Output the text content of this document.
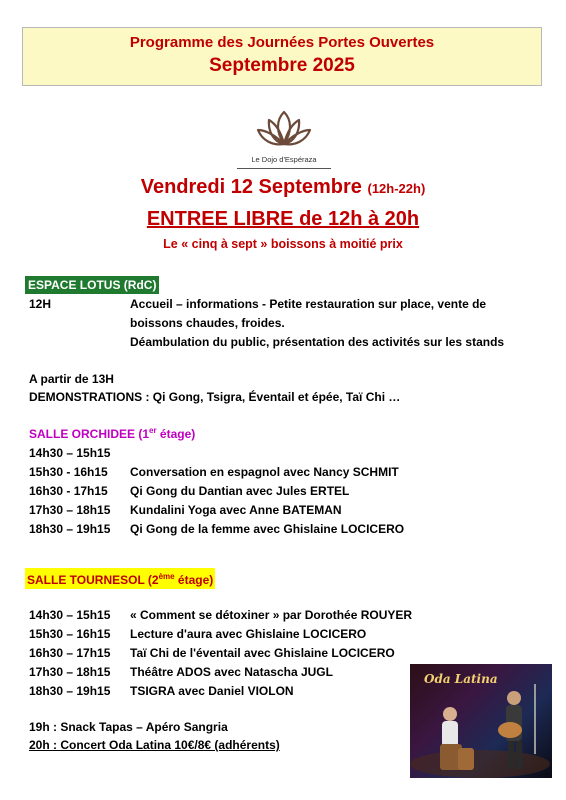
Programme des Journées Portes Ouvertes
Septembre 2025
Le Dojo d'Espéraza
Vendredi 12 Septembre (12h-22h)
ENTREE LIBRE de 12h à 20h
Le « cinq à sept » boissons à moitié prix
ESPACE LOTUS (RdC)
12H	Accueil – informations - Petite restauration sur place, vente de
boissons chaudes, froides.
Déambulation du public, présentation des activités sur les stands
A partir de 13H
DEMONSTRATIONS : Qi Gong, Tsigra, Éventail et épée, Taï Chi …
SALLE ORCHIDEE (1er étage)
14h30 – 15h15
15h30 - 16h15 Conversation en espagnol avec Nancy SCHMIT
16h30 - 17h15 Qi Gong du Dantian avec Jules ERTEL
17h30 – 18h15 Kundalini Yoga avec Anne BATEMAN
18h30 – 19h15 Qi Gong de la femme avec Ghislaine LOCICERO
SALLE TOURNESOL (2ème étage)
14h30 – 15h15 « Comment se détoxiner » par Dorothée ROUYER
15h30 – 16h15 Lecture d'aura avec Ghislaine LOCICERO
16h30 – 17h15 Taï Chi de l'éventail avec Ghislaine LOCICERO
17h30 – 18h15 Théâtre ADOS avec Natascha JUGL
18h30 – 19h15 TSIGRA avec Daniel VIOLON
19h : Snack Tapas – Apéro Sangria
20h : Concert Oda Latina 10€/8€ (adhérents)
Oda Latina
